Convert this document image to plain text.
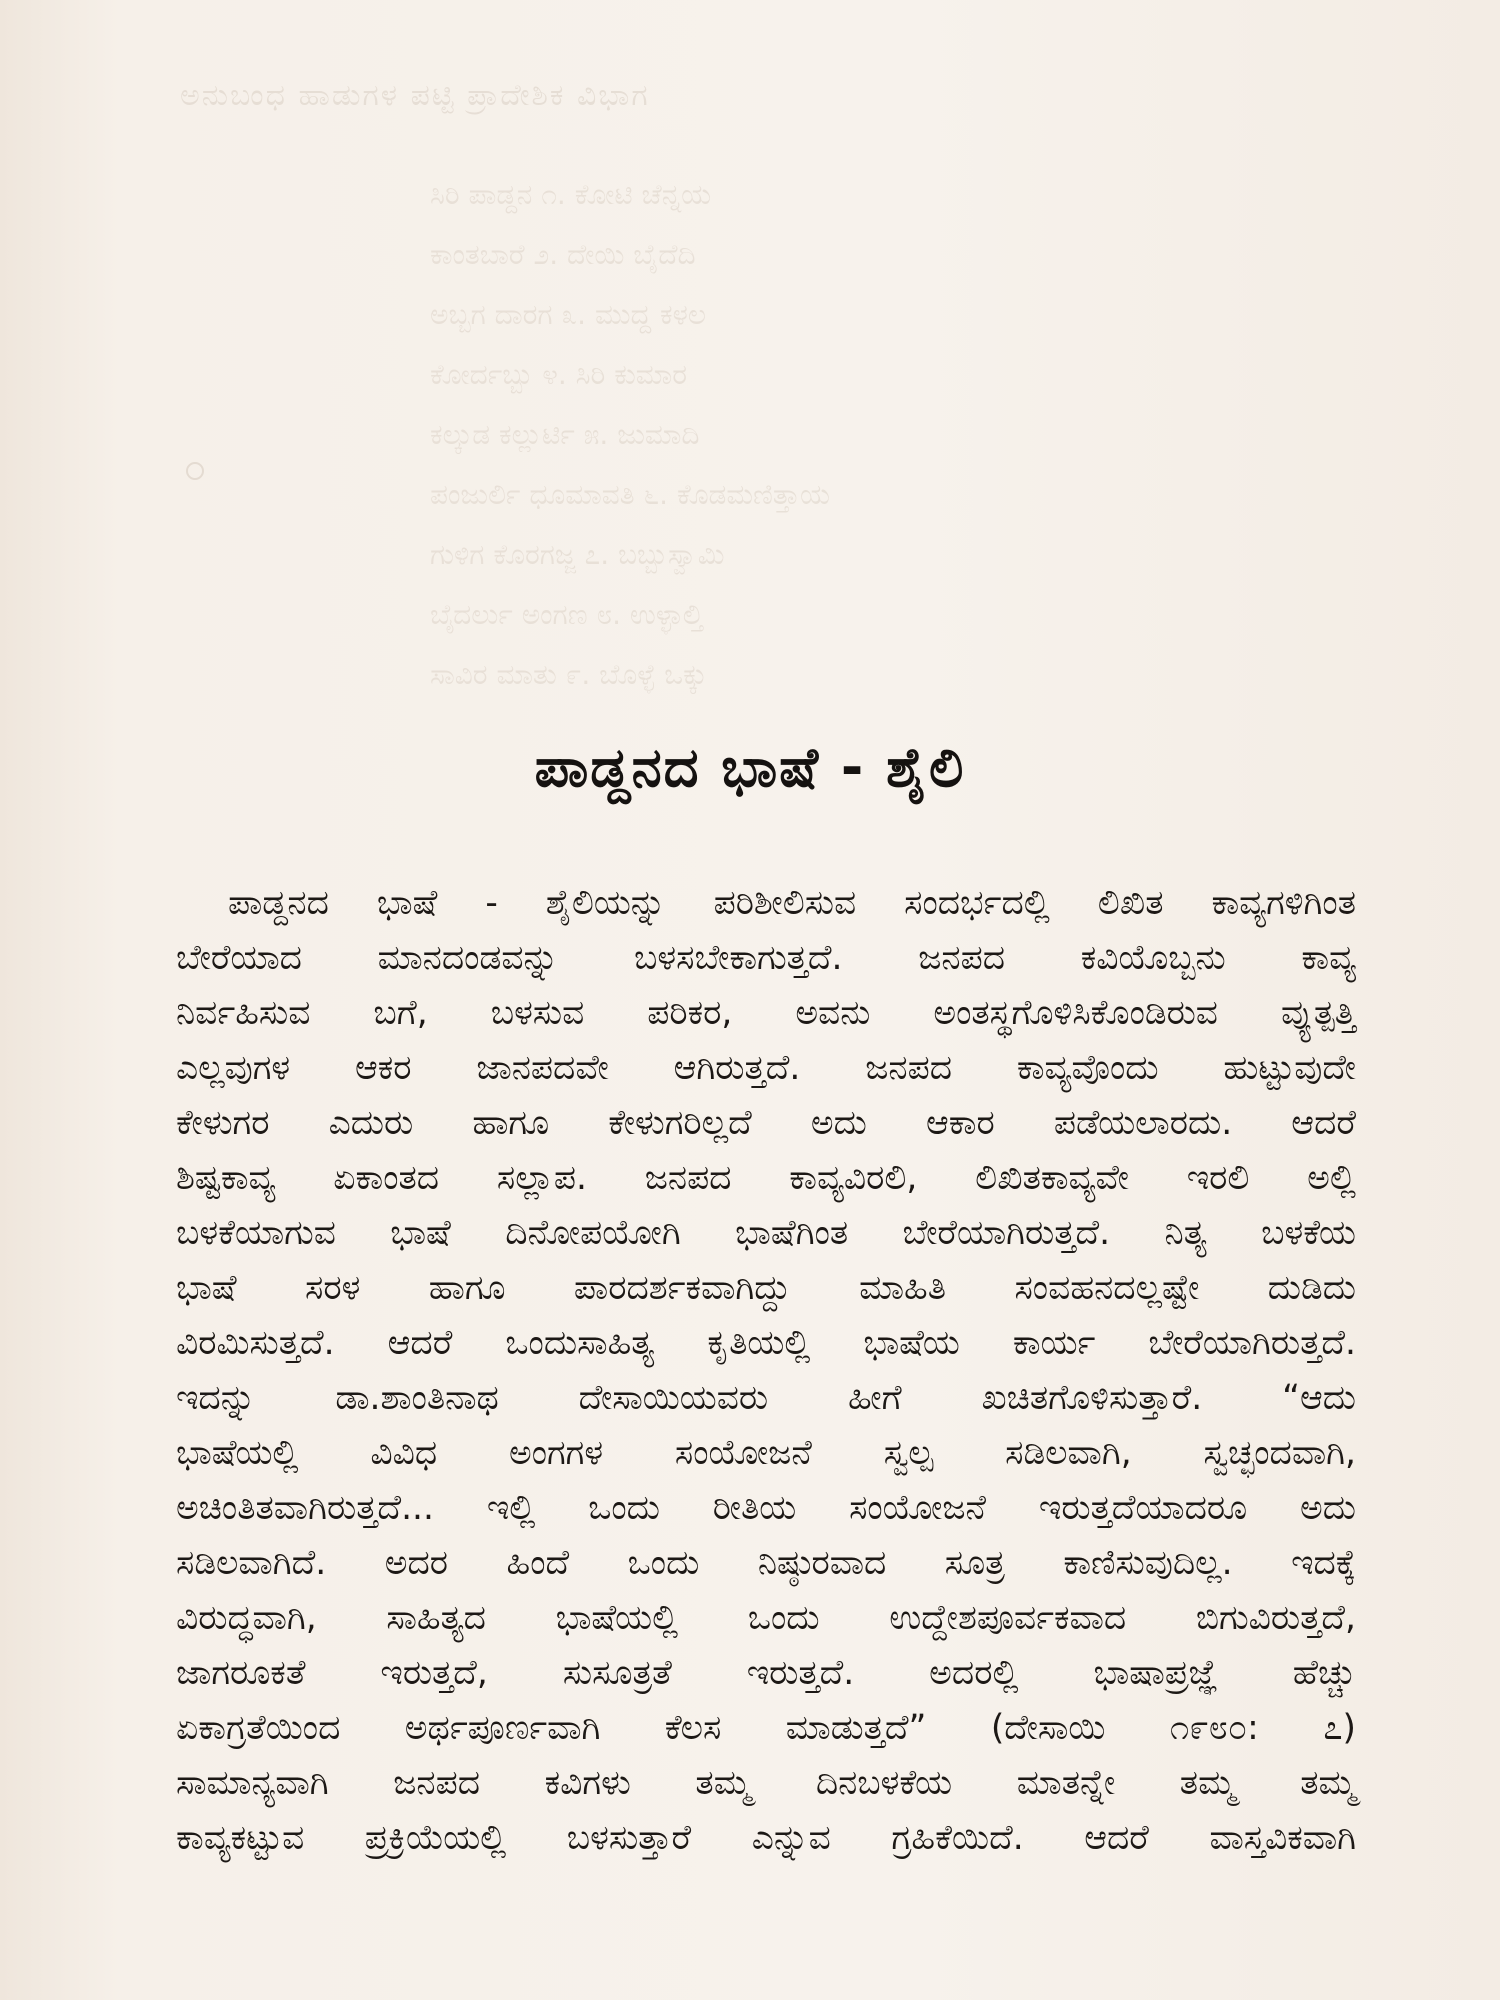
ಅನುಬಂಧ ಹಾಡುಗಳ ಪಟ್ಟಿ ಪ್ರಾದೇಶಿಕ ವಿಭಾಗ
ಸಿರಿ ಪಾಡ್ದನ ೧. ಕೋಟಿ ಚೆನ್ನಯ
ಕಾಂತಬಾರೆ ೨. ದೇಯಿ ಬೈದೆದಿ
ಅಬ್ಬಗ ದಾರಗ ೩. ಮುದ್ದ ಕಳಲ
ಕೋರ್ದಬ್ಬು ೪. ಸಿರಿ ಕುಮಾರ
ಕಲ್ಕುಡ ಕಲ್ಲುರ್ಟಿ ೫. ಜುಮಾದಿ
ಪಂಜುರ್ಲಿ ಧೂಮಾವತಿ ೬. ಕೊಡಮಣಿತ್ತಾಯ
ಗುಳಿಗ ಕೊರಗಜ್ಜ ೭. ಬಬ್ಬುಸ್ವಾಮಿ
ಬೈದರ್ಲು ಅಂಗಣ ೮. ಉಳ್ಳಾಲ್ತಿ
ಸಾವಿರ ಮಾತು ೯. ಬೊಳ್ಳೆ ಒಕ್ಕು
ಪಾಡ್ದನದ ಭಾಷೆ - ಶೈಲಿ
ಪಾಡ್ದನದ ಭಾಷೆ - ಶೈಲಿಯನ್ನು ಪರಿಶೀಲಿಸುವ ಸಂದರ್ಭದಲ್ಲಿ ಲಿಖಿತ ಕಾವ್ಯಗಳಿಗಿಂತ
ಬೇರೆಯಾದ ಮಾನದಂಡವನ್ನು ಬಳಸಬೇಕಾಗುತ್ತದೆ. ಜನಪದ ಕವಿಯೊಬ್ಬನು ಕಾವ್ಯ
ನಿರ್ವಹಿಸುವ ಬಗೆ, ಬಳಸುವ ಪರಿಕರ, ಅವನು ಅಂತಸ್ಥಗೊಳಿಸಿಕೊಂಡಿರುವ ವ್ಯುತ್ಪತ್ತಿ
ಎಲ್ಲವುಗಳ ಆಕರ ಜಾನಪದವೇ ಆಗಿರುತ್ತದೆ. ಜನಪದ ಕಾವ್ಯವೊಂದು ಹುಟ್ಟುವುದೇ
ಕೇಳುಗರ ಎದುರು ಹಾಗೂ ಕೇಳುಗರಿಲ್ಲದೆ ಅದು ಆಕಾರ ಪಡೆಯಲಾರದು. ಆದರೆ
ಶಿಷ್ಟಕಾವ್ಯ ಏಕಾಂತದ ಸಲ್ಲಾಪ. ಜನಪದ ಕಾವ್ಯವಿರಲಿ, ಲಿಖಿತಕಾವ್ಯವೇ ಇರಲಿ ಅಲ್ಲಿ
ಬಳಕೆಯಾಗುವ ಭಾಷೆ ದಿನೋಪಯೋಗಿ ಭಾಷೆಗಿಂತ ಬೇರೆಯಾಗಿರುತ್ತದೆ. ನಿತ್ಯ ಬಳಕೆಯ
ಭಾಷೆ ಸರಳ ಹಾಗೂ ಪಾರದರ್ಶಕವಾಗಿದ್ದು ಮಾಹಿತಿ ಸಂವಹನದಲ್ಲಷ್ಟೇ ದುಡಿದು
ವಿರಮಿಸುತ್ತದೆ. ಆದರೆ ಒಂದುಸಾಹಿತ್ಯ ಕೃತಿಯಲ್ಲಿ ಭಾಷೆಯ ಕಾರ್ಯ ಬೇರೆಯಾಗಿರುತ್ತದೆ.
ಇದನ್ನು ಡಾ.ಶಾಂತಿನಾಥ ದೇಸಾಯಿಯವರು ಹೀಗೆ ಖಚಿತಗೊಳಿಸುತ್ತಾರೆ. “ಆದು
ಭಾಷೆಯಲ್ಲಿ ವಿವಿಧ ಅಂಗಗಳ ಸಂಯೋಜನೆ ಸ್ವಲ್ಪ ಸಡಿಲವಾಗಿ, ಸ್ವಚ್ಛಂದವಾಗಿ,
ಅಚಿಂತಿತವಾಗಿರುತ್ತದೆ... ಇಲ್ಲಿ ಒಂದು ರೀತಿಯ ಸಂಯೋಜನೆ ಇರುತ್ತದೆಯಾದರೂ ಅದು
ಸಡಿಲವಾಗಿದೆ. ಅದರ ಹಿಂದೆ ಒಂದು ನಿಷ್ಠುರವಾದ ಸೂತ್ರ ಕಾಣಿಸುವುದಿಲ್ಲ. ಇದಕ್ಕೆ
ವಿರುದ್ಧವಾಗಿ, ಸಾಹಿತ್ಯದ ಭಾಷೆಯಲ್ಲಿ ಒಂದು ಉದ್ದೇಶಪೂರ್ವಕವಾದ ಬಿಗುವಿರುತ್ತದೆ,
ಜಾಗರೂಕತೆ ಇರುತ್ತದೆ, ಸುಸೂತ್ರತೆ ಇರುತ್ತದೆ. ಅದರಲ್ಲಿ ಭಾಷಾಪ್ರಜ್ಞೆ ಹೆಚ್ಚು
ಏಕಾಗ್ರತೆಯಿಂದ ಅರ್ಥಪೂರ್ಣವಾಗಿ ಕೆಲಸ ಮಾಡುತ್ತದೆ” (ದೇಸಾಯಿ ೧೯೮೦: ೭)
ಸಾಮಾನ್ಯವಾಗಿ ಜನಪದ ಕವಿಗಳು ತಮ್ಮ ದಿನಬಳಕೆಯ ಮಾತನ್ನೇ ತಮ್ಮ ತಮ್ಮ
ಕಾವ್ಯಕಟ್ಟುವ ಪ್ರಕ್ರಿಯೆಯಲ್ಲಿ ಬಳಸುತ್ತಾರೆ ಎನ್ನುವ ಗ್ರಹಿಕೆಯಿದೆ. ಆದರೆ ವಾಸ್ತವಿಕವಾಗಿ
